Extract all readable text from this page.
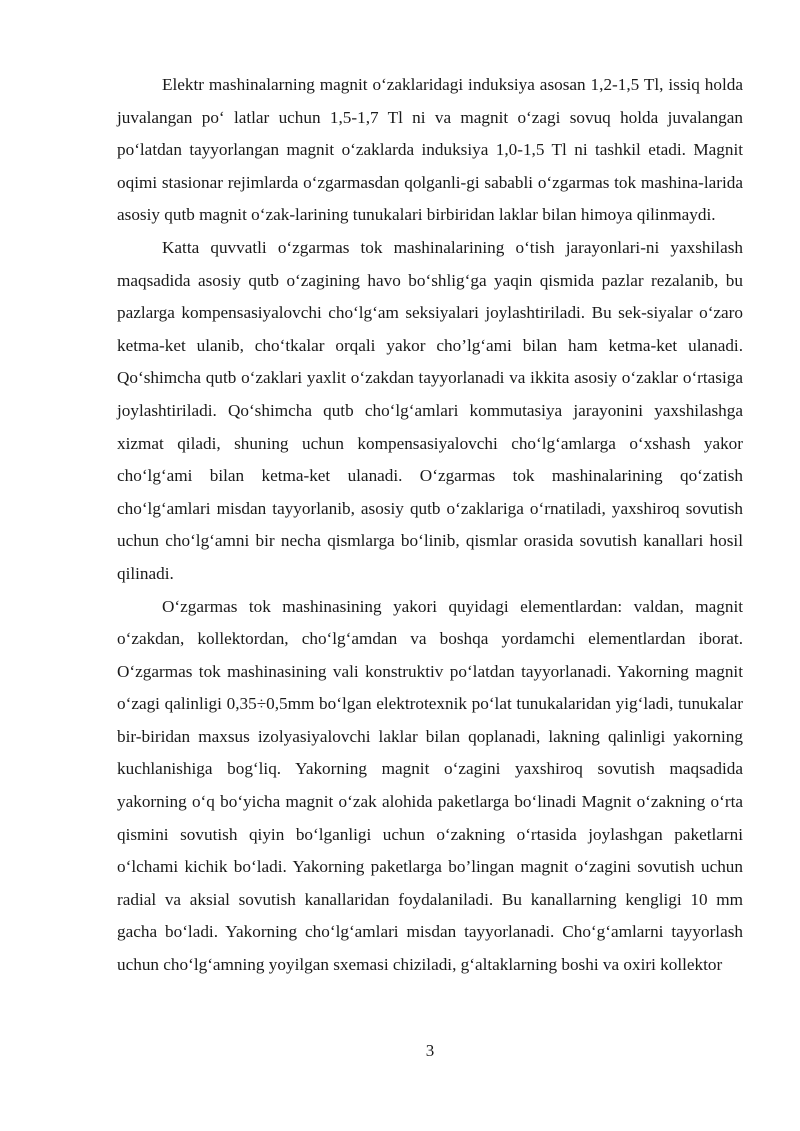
Elektr mashinalarning magnit o‘zaklaridagi induksiya asosan 1,2-1,5 Tl, issiq holda juvalangan po‘ latlar uchun 1,5-1,7 Tl ni va magnit o‘zagi sovuq holda juvalangan po‘latdan tayyorlangan magnit o‘zaklarda induksiya 1,0-1,5 Tl ni tashkil etadi. Magnit oqimi stasionar rejimlarda o‘zgarmasdan qolganli-gi sababli o‘zgarmas tok mashina-larida asosiy qutb magnit o‘zak-larining tunukalari birbiridan laklar bilan himoya qilinmaydi.

Katta quvvatli o‘zgarmas tok mashinalarining o‘tish jarayonlari-ni yaxshilash maqsadida asosiy qutb o‘zagining havo bo‘shlig‘ga yaqin qismida pazlar rezalanib, bu pazlarga kompensasiyalovchi cho‘lg‘am seksiyalari joylashtiriladi. Bu sek-siyalar o‘zaro ketma-ket ulanib, cho‘tkalar orqali yakor cho’lg‘ami bilan ham ketma-ket ulanadi. Qo‘shimcha qutb o‘zaklari yaxlit o‘zakdan tayyorlanadi va ikkita asosiy o‘zaklar o‘rtasiga joylashtiriladi. Qo‘shimcha qutb cho‘lg‘amlari kommutasiya jarayonini yaxshilashga xizmat qiladi, shuning uchun kompensasiyalovchi cho‘lg‘amlarga o‘xshash yakor cho‘lg‘ami bilan ketma-ket ulanadi. O‘zgarmas tok mashinalarining qo‘zatish cho‘lg‘amlari misdan tayyorlanib, asosiy qutb o‘zaklariga o‘rnatiladi, yaxshiroq sovutish uchun cho‘lg‘amni bir necha qismlarga bo‘linib, qismlar orasida sovutish kanallari hosil qilinadi.

O‘zgarmas tok mashinasining yakori quyidagi elementlardan: valdan, magnit o‘zakdan, kollektordan, cho‘lg‘amdan va boshqa yordamchi elementlardan iborat. O‘zgarmas tok mashinasining vali konstruktiv po‘latdan tayyorlanadi. Yakorning magnit o‘zagi qalinligi 0,35÷0,5mm bo‘lgan elektrotexnik po‘lat tunukalaridan yig‘ladi, tunukalar bir-biridan maxsus izolyasiyalovchi laklar bilan qoplanadi, lakning qalinligi yakorning kuchlanishiga bog‘liq. Yakorning magnit o‘zagini yaxshiroq sovutish maqsadida yakorning o‘q bo‘yicha magnit o‘zak alohida paketlarga bo‘linadi Magnit o‘zakning o‘rta qismini sovutish qiyin bo‘lganligi uchun o‘zakning o‘rtasida joylashgan paketlarni o‘lchami kichik bo‘ladi. Yakorning paketlarga bo’lingan magnit o‘zagini sovutish uchun radial va aksial sovutish kanallaridan foydalaniladi. Bu kanallarning kengligi 10 mm gacha bo‘ladi. Yakorning cho‘lg‘amlari misdan tayyorlanadi. Cho‘g‘amlarni tayyorlash uchun cho‘lg‘amning yoyilgan sxemasi chiziladi, g‘altaklarning boshi va oxiri kollektor

3
